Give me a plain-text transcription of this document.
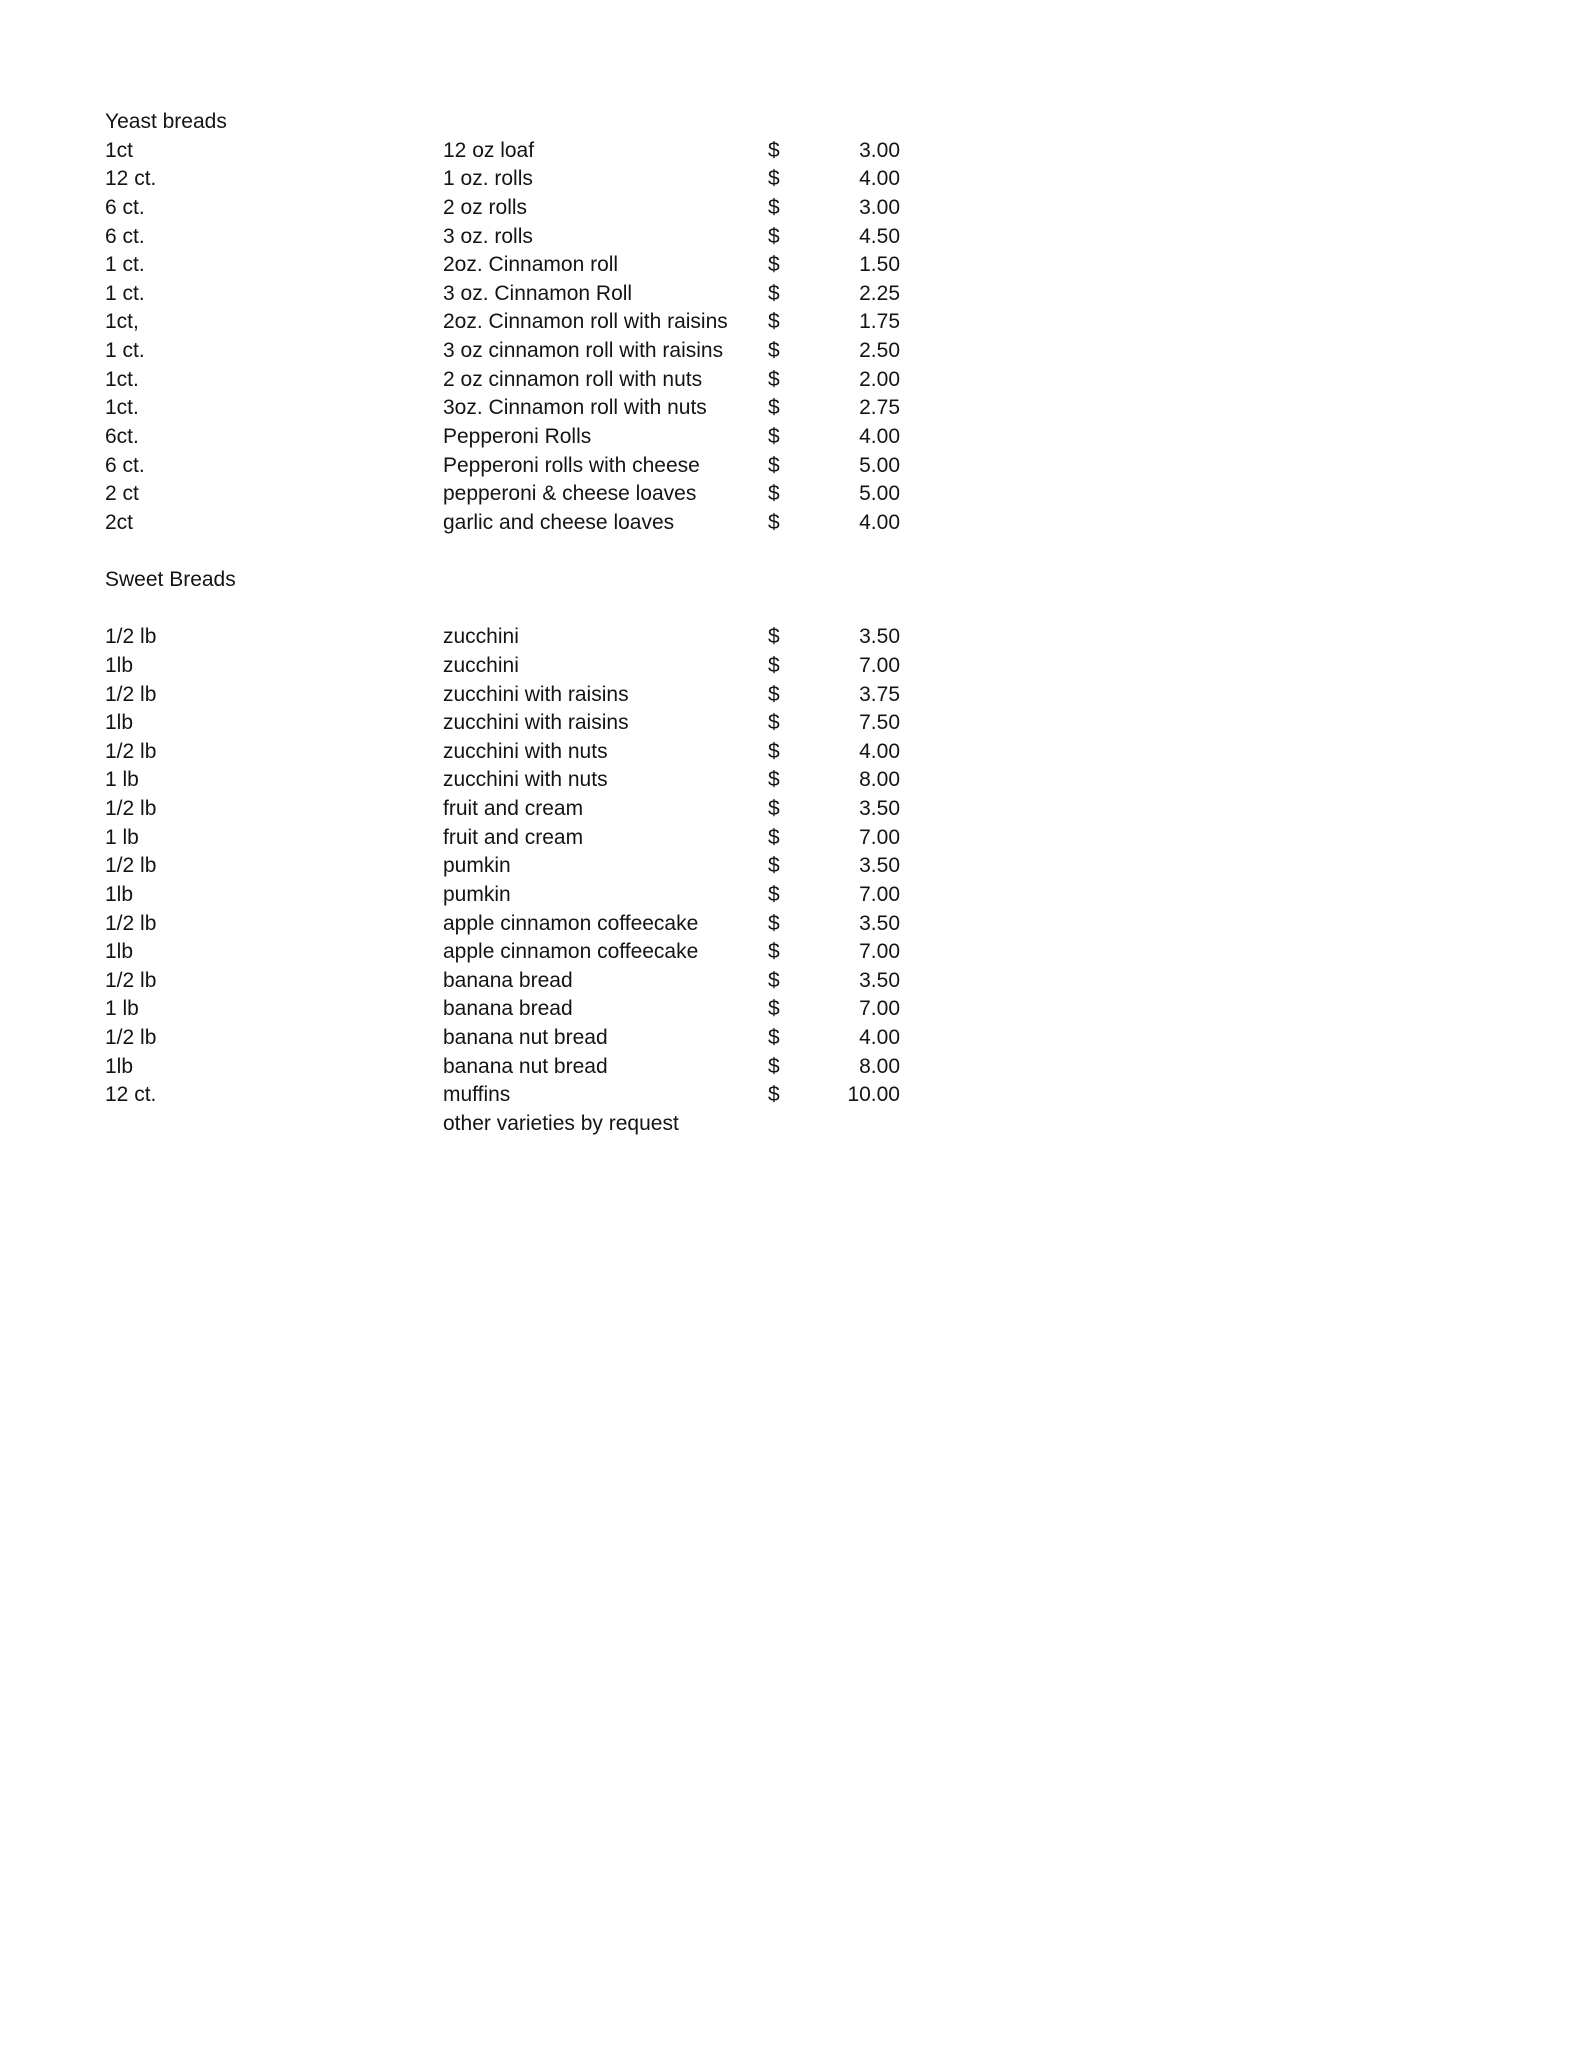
Yeast breads
1ct	12 oz loaf	$	3.00
12 ct.	1 oz. rolls	$	4.00
6 ct.	2 oz rolls	$	3.00
6 ct.	3 oz. rolls	$	4.50
1 ct.	2oz. Cinnamon roll	$	1.50
1 ct.	3 oz. Cinnamon Roll	$	2.25
1ct,	2oz. Cinnamon roll with raisins	$	1.75
1 ct.	3 oz cinnamon roll with raisins	$	2.50
1ct.	2 oz cinnamon roll with nuts	$	2.00
1ct.	3oz. Cinnamon roll with nuts	$	2.75
6ct.	Pepperoni Rolls	$	4.00
6 ct.	Pepperoni rolls with cheese	$	5.00
2 ct	pepperoni & cheese loaves	$	5.00
2ct	garlic and cheese loaves	$	4.00
Sweet Breads
1/2 lb	zucchini	$	3.50
1lb	zucchini	$	7.00
1/2 lb	zucchini with raisins	$	3.75
1lb	zucchini with raisins	$	7.50
1/2 lb	zucchini with nuts	$	4.00
1 lb	zucchini with nuts	$	8.00
1/2 lb	fruit and cream	$	3.50
1 lb	fruit and cream	$	7.00
1/2 lb	pumkin	$	3.50
1lb	pumkin	$	7.00
1/2 lb	apple cinnamon coffeecake	$	3.50
1lb	apple cinnamon coffeecake	$	7.00
1/2 lb	banana bread	$	3.50
1 lb	banana bread	$	7.00
1/2 lb	banana nut bread	$	4.00
1lb	banana nut bread	$	8.00
12 ct.	muffins	$	10.00
other varieties by request
